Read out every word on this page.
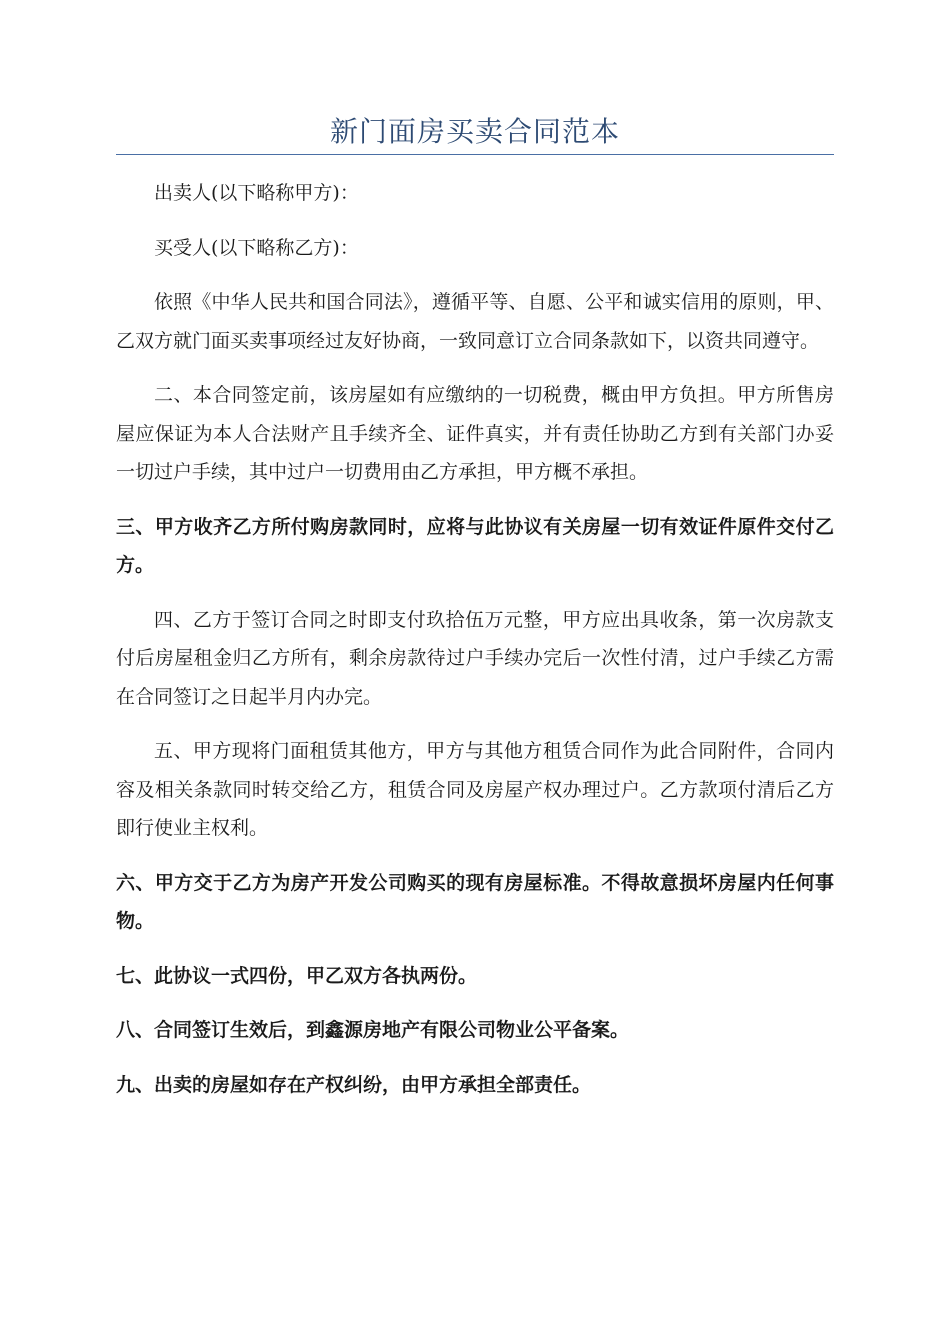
新门面房买卖合同范本

出卖人(以下略称甲方)：

买受人(以下略称乙方)：

依照《中华人民共和国合同法》，遵循平等、自愿、公平和诚实信用的原则，甲、乙双方就门面买卖事项经过友好协商，一致同意订立合同条款如下，以资共同遵守。

二、本合同签定前，该房屋如有应缴纳的一切税费，概由甲方负担。甲方所售房屋应保证为本人合法财产且手续齐全、证件真实，并有责任协助乙方到有关部门办妥一切过户手续，其中过户一切费用由乙方承担，甲方概不承担。

三、甲方收齐乙方所付购房款同时，应将与此协议有关房屋一切有效证件原件交付乙方。

四、乙方于签订合同之时即支付玖拾伍万元整，甲方应出具收条，第一次房款支付后房屋租金归乙方所有，剩余房款待过户手续办完后一次性付清，过户手续乙方需在合同签订之日起半月内办完。

五、甲方现将门面租赁其他方，甲方与其他方租赁合同作为此合同附件，合同内容及相关条款同时转交给乙方，租赁合同及房屋产权办理过户。乙方款项付清后乙方即行使业主权利。

六、甲方交于乙方为房产开发公司购买的现有房屋标准。不得故意损坏房屋内任何事物。

七、此协议一式四份，甲乙双方各执两份。

八、合同签订生效后，到鑫源房地产有限公司物业公平备案。

九、出卖的房屋如存在产权纠纷，由甲方承担全部责任。
